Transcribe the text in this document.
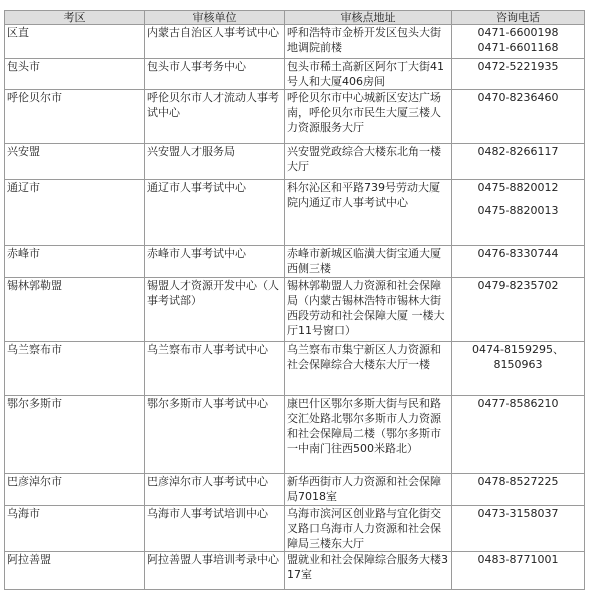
考区	审核单位	审核点地址	咨询电话
区直	内蒙古自治区人事考试中心	呼和浩特市金桥开发区包头大街地调院前楼	0471-6600198
0471-6601168

包头市	包头市人事考务中心	包头市稀土高新区阿尔丁大街41号人和大厦406房间	0472-5221935

呼伦贝尔市	呼伦贝尔市人才流动人事考试中心	呼伦贝尔市中心城新区安达广场南，呼伦贝尔市民生大厦三楼人力资源服务大厅	0470-8236460

兴安盟	兴安盟人才服务局	兴安盟党政综合大楼东北角一楼大厅	0482-8266117

通辽市	通辽市人事考试中心	科尔沁区和平路739号劳动大厦院内通辽市人事考试中心	0475-8820012
0475-8820013

赤峰市	赤峰市人事考试中心	赤峰市新城区临潢大街宝通大厦西侧三楼	0476-8330744

锡林郭勒盟	锡盟人才资源开发中心（人事考试部）	锡林郭勒盟人力资源和社会保障局（内蒙古锡林浩特市锡林大街西段劳动和社会保障大厦 一楼大厅11号窗口）	0479-8235702

乌兰察布市	乌兰察布市人事考试中心	乌兰察布市集宁新区人力资源和社会保障综合大楼东大厅一楼	0474-8159295、
8150963

鄂尔多斯市	鄂尔多斯市人事考试中心	康巴什区鄂尔多斯大街与民和路交汇处路北鄂尔多斯市人力资源和社会保障局二楼（鄂尔多斯市一中南门往西500米路北）	0477-8586210

巴彦淖尔市	巴彦淖尔市人事考试中心	新华西街市人力资源和社会保障局7018室	0478-8527225

乌海市	乌海市人事考试培训中心	乌海市滨河区创业路与宜化街交叉路口乌海市人力资源和社会保障局三楼东大厅	0473-3158037

阿拉善盟	阿拉善盟人事培训考录中心	盟就业和社会保障综合服务大楼317室	0483-8771001
